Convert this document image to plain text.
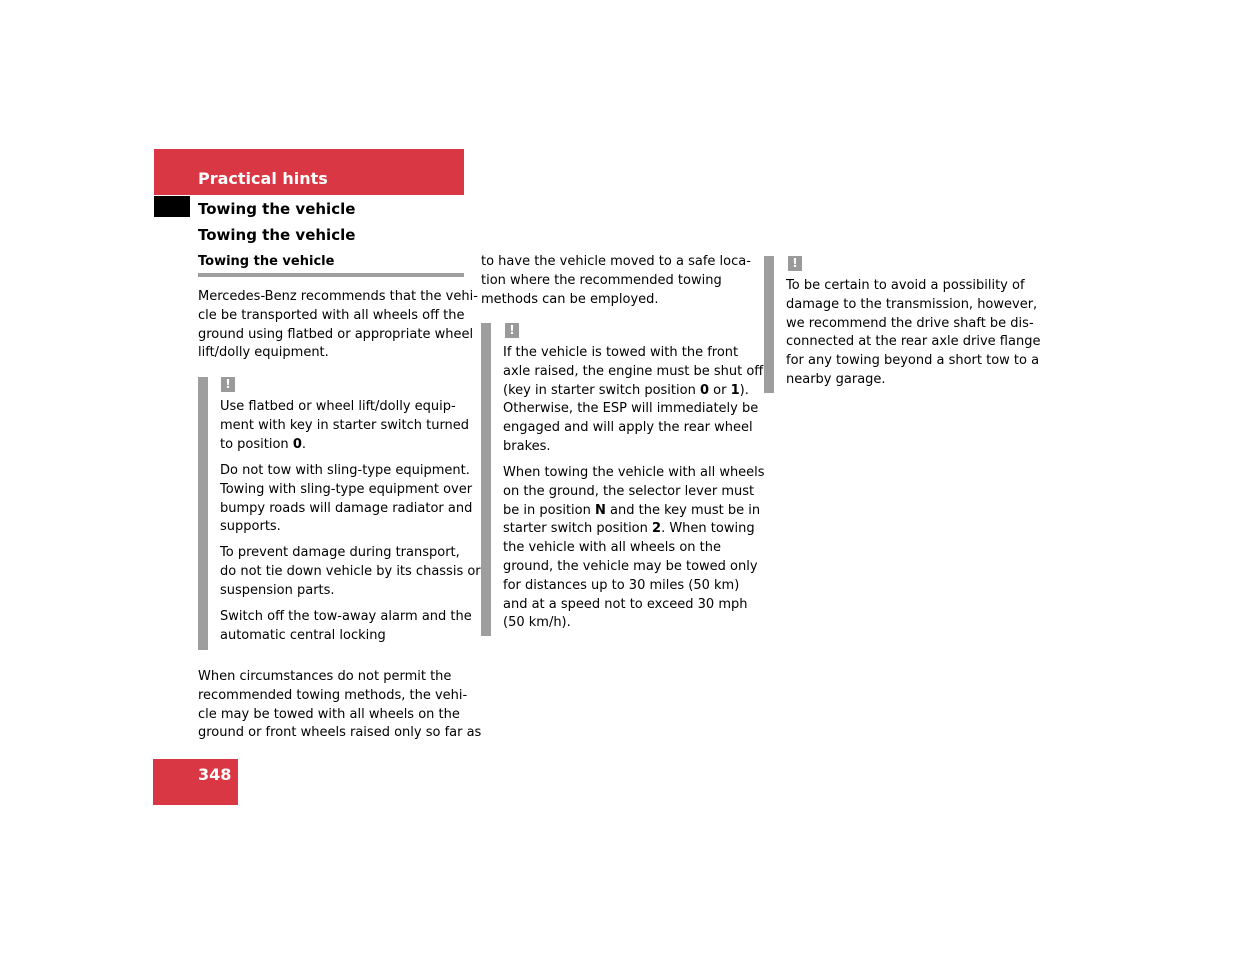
Practical hints
Towing the vehicle
Towing the vehicle
Towing the vehicle
Mercedes-Benz recommends that the vehi-
cle be transported with all wheels off the
ground using flatbed or appropriate wheel
lift/dolly equipment.
!
Use flatbed or wheel lift/dolly equip-
ment with key in starter switch turned
to position 0.
Do not tow with sling-type equipment.
Towing with sling-type equipment over
bumpy roads will damage radiator and
supports.
To prevent damage during transport,
do not tie down vehicle by its chassis or
suspension parts.
Switch off the tow-away alarm and the
automatic central locking
When circumstances do not permit the
recommended towing methods, the vehi-
cle may be towed with all wheels on the
ground or front wheels raised only so far as
to have the vehicle moved to a safe loca-
tion where the recommended towing
methods can be employed.
!
If the vehicle is towed with the front
axle raised, the engine must be shut off
(key in starter switch position 0 or 1).
Otherwise, the ESP will immediately be
engaged and will apply the rear wheel
brakes.
When towing the vehicle with all wheels
on the ground, the selector lever must
be in position N and the key must be in
starter switch position 2. When towing
the vehicle with all wheels on the
ground, the vehicle may be towed only
for distances up to 30 miles (50 km)
and at a speed not to exceed 30 mph
(50 km/h).
!
To be certain to avoid a possibility of
damage to the transmission, however,
we recommend the drive shaft be dis-
connected at the rear axle drive flange
for any towing beyond a short tow to a
nearby garage.
348
